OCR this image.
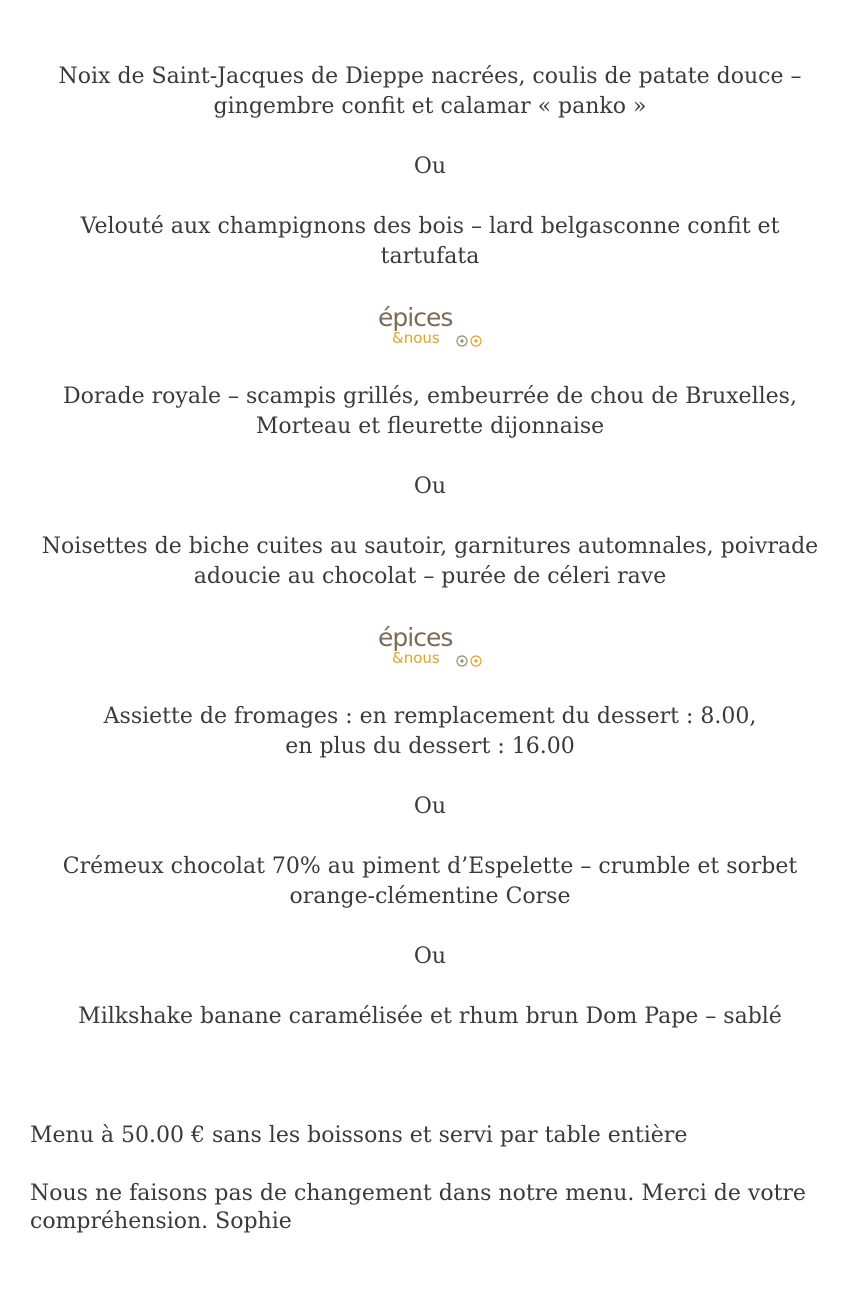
Noix de Saint-Jacques de Dieppe nacrées, coulis de patate douce – gingembre confit et calamar « panko »

Ou

Velouté aux champignons des bois – lard belgasconne confit et tartufata

épices
&nous

Dorade royale – scampis grillés, embeurrée de chou de Bruxelles, Morteau et fleurette dijonnaise

Ou

Noisettes de biche cuites au sautoir, garnitures automnales, poivrade adoucie au chocolat – purée de céleri rave

épices
&nous

Assiette de fromages : en remplacement du dessert : 8.00,

en plus du dessert : 16.00

Ou

Crémeux chocolat 70% au piment d’Espelette – crumble et sorbet orange-clémentine Corse

Ou

Milkshake banane caramélisée et rhum brun Dom Pape – sablé

Menu à 50.00 € sans les boissons et servi par table entière

Nous ne faisons pas de changement dans notre menu. Merci de votre compréhension. Sophie
